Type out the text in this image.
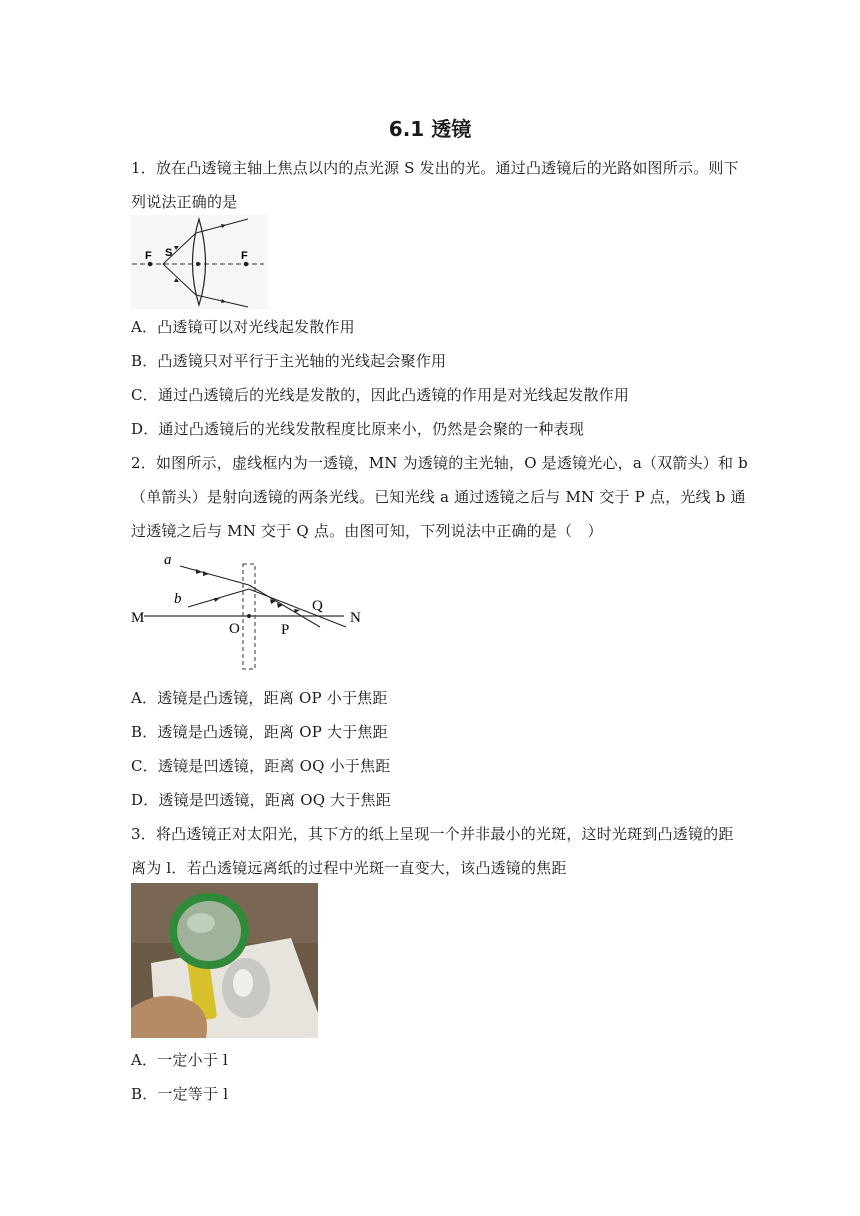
6.1 透镜
1．放在凸透镜主轴上焦点以内的点光源 S 发出的光。通过凸透镜后的光路如图所示。则下
列说法正确的是
F S	F
A．凸透镜可以对光线起发散作用
B．凸透镜只对平行于主光轴的光线起会聚作用
C．通过凸透镜后的光线是发散的，因此凸透镜的作用是对光线起发散作用
D．通过凸透镜后的光线发散程度比原来小，仍然是会聚的一种表现
2．如图所示，虚线框内为一透镜，MN 为透镜的主光轴，O 是透镜光心，a（双箭头）和 b
（单箭头）是射向透镜的两条光线。已知光线 a 通过透镜之后与 MN 交于 P 点，光线 b 通
过透镜之后与 MN 交于 Q 点。由图可知，下列说法中正确的是（　）
a
b
M
O	P
Q
N
A．透镜是凸透镜，距离 OP 小于焦距
B．透镜是凸透镜，距离 OP 大于焦距
C．透镜是凹透镜，距离 OQ 小于焦距
D．透镜是凹透镜，距离 OQ 大于焦距
3．将凸透镜正对太阳光，其下方的纸上呈现一个并非最小的光斑，这时光斑到凸透镜的距
离为 l．若凸透镜远离纸的过程中光斑一直变大，该凸透镜的焦距
A．一定小于 l
B．一定等于 l
